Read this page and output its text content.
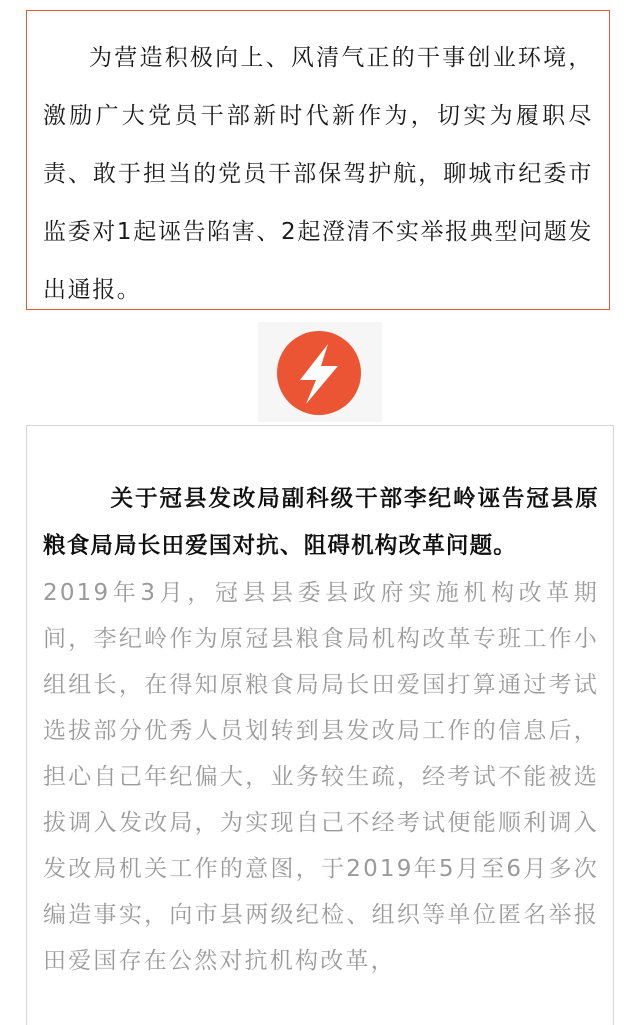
为营造积极向上、风清气正的干事创业环境，激励广大党员干部新时代新作为，切实为履职尽责、敢于担当的党员干部保驾护航，聊城市纪委市监委对1起诬告陷害、2起澄清不实举报典型问题发出通报。

关于冠县发改局副科级干部李纪岭诬告冠县原粮食局局长田爱国对抗、阻碍机构改革问题。

2019年3月，冠县县委县政府实施机构改革期间，李纪岭作为原冠县粮食局机构改革专班工作小组组长，在得知原粮食局局长田爱国打算通过考试选拔部分优秀人员划转到县发改局工作的信息后，担心自己年纪偏大，业务较生疏，经考试不能被选拔调入发改局，为实现自己不经考试便能顺利调入发改局机关工作的意图，于2019年5月至6月多次编造事实，向市县两级纪检、组织等单位匿名举报田爱国存在公然对抗机构改革，
